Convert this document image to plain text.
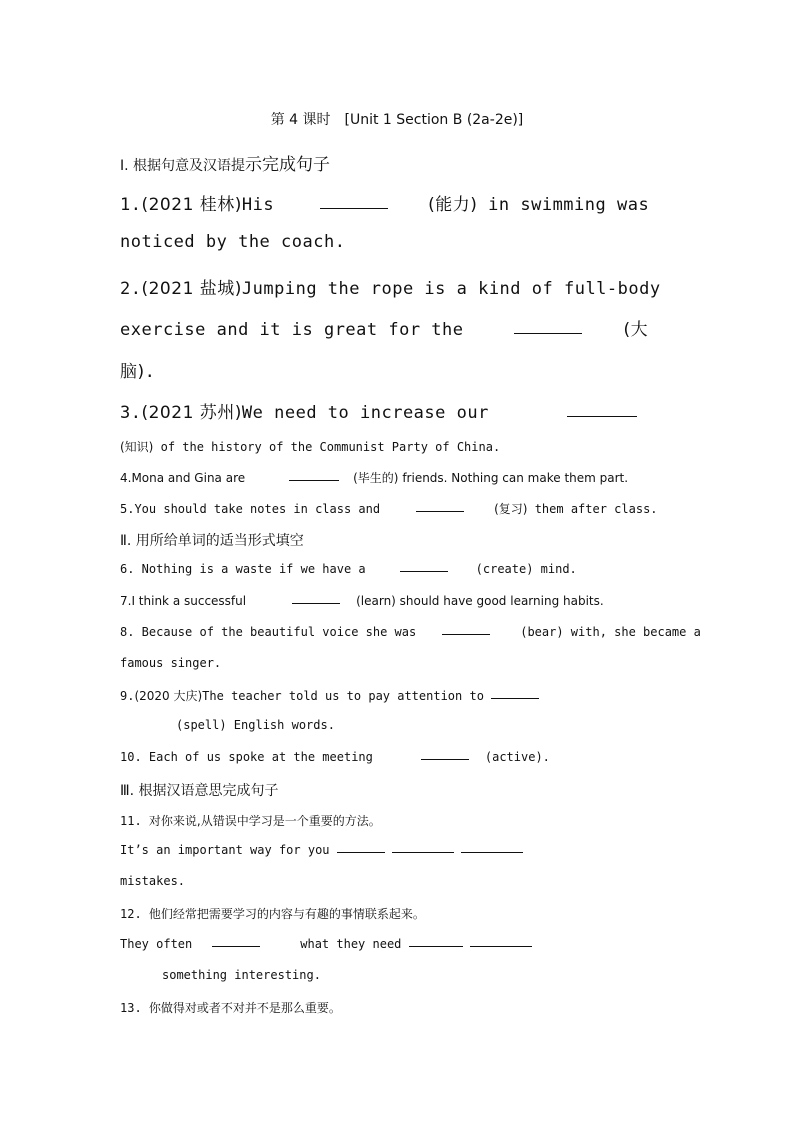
第 4 课时　[Unit 1 Section B (2a-2e)]
Ⅰ. 根据句意及汉语提示完成句子
1.(2021 桂林)His	(能力) in swimming was
noticed by the coach.
2.(2021 盐城)Jumping the rope is a kind of full-body
exercise and it is great for the	(大
脑).
3.(2021 苏州)We need to increase our
(知识) of the history of the Communist Party of China.
4.Mona and Gina are	(毕生的) friends. Nothing can make them part.
5.You should take notes in class and	(复习) them after class.
Ⅱ. 用所给单词的适当形式填空
6. Nothing is a waste if we have a	(create) mind.
7.I think a successful	(learn) should have good learning habits.
8. Because of the beautiful voice she was	(bear) with, she became a
famous singer.
9.(2020 大庆)The teacher told us to pay attention to
(spell) English words.
10. Each of us spoke at the meeting	(active).
Ⅲ. 根据汉语意思完成句子
11. 对你来说,从错误中学习是一个重要的方法。
It’s an important way for you
mistakes.
12. 他们经常把需要学习的内容与有趣的事情联系起来。
They often	what they need
something interesting.
13. 你做得对或者不对并不是那么重要。
